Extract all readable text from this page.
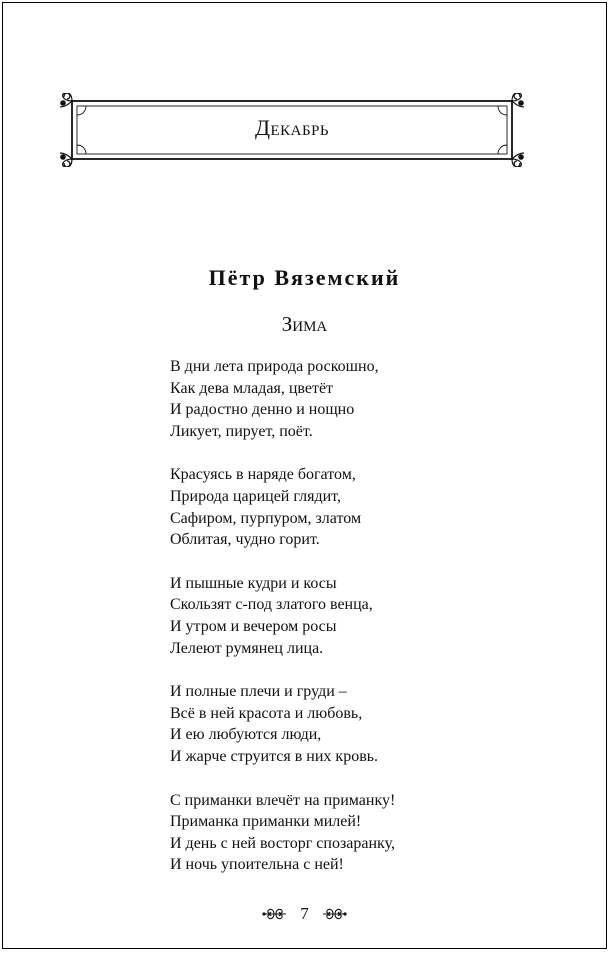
Декабрь
Пётр Вяземский
Зима
В дни лета природа роскошно,
Как дева младая, цветёт
И радостно денно и нощно
Ликует, пирует, поёт.
Красуясь в наряде богатом,
Природа царицей глядит,
Сафиром, пурпуром, златом
Облитая, чудно горит.
И пышные кудри и косы
Скользят с-под златого венца,
И утром и вечером росы
Лелеют румянец лица.
И полные плечи и груди –
Всё в ней красота и любовь,
И ею любуются люди,
И жарче струится в них кровь.
С приманки влечёт на приманку!
Приманка приманки милей!
И день с ней восторг спозаранку,
И ночь упоительна с ней!
7
